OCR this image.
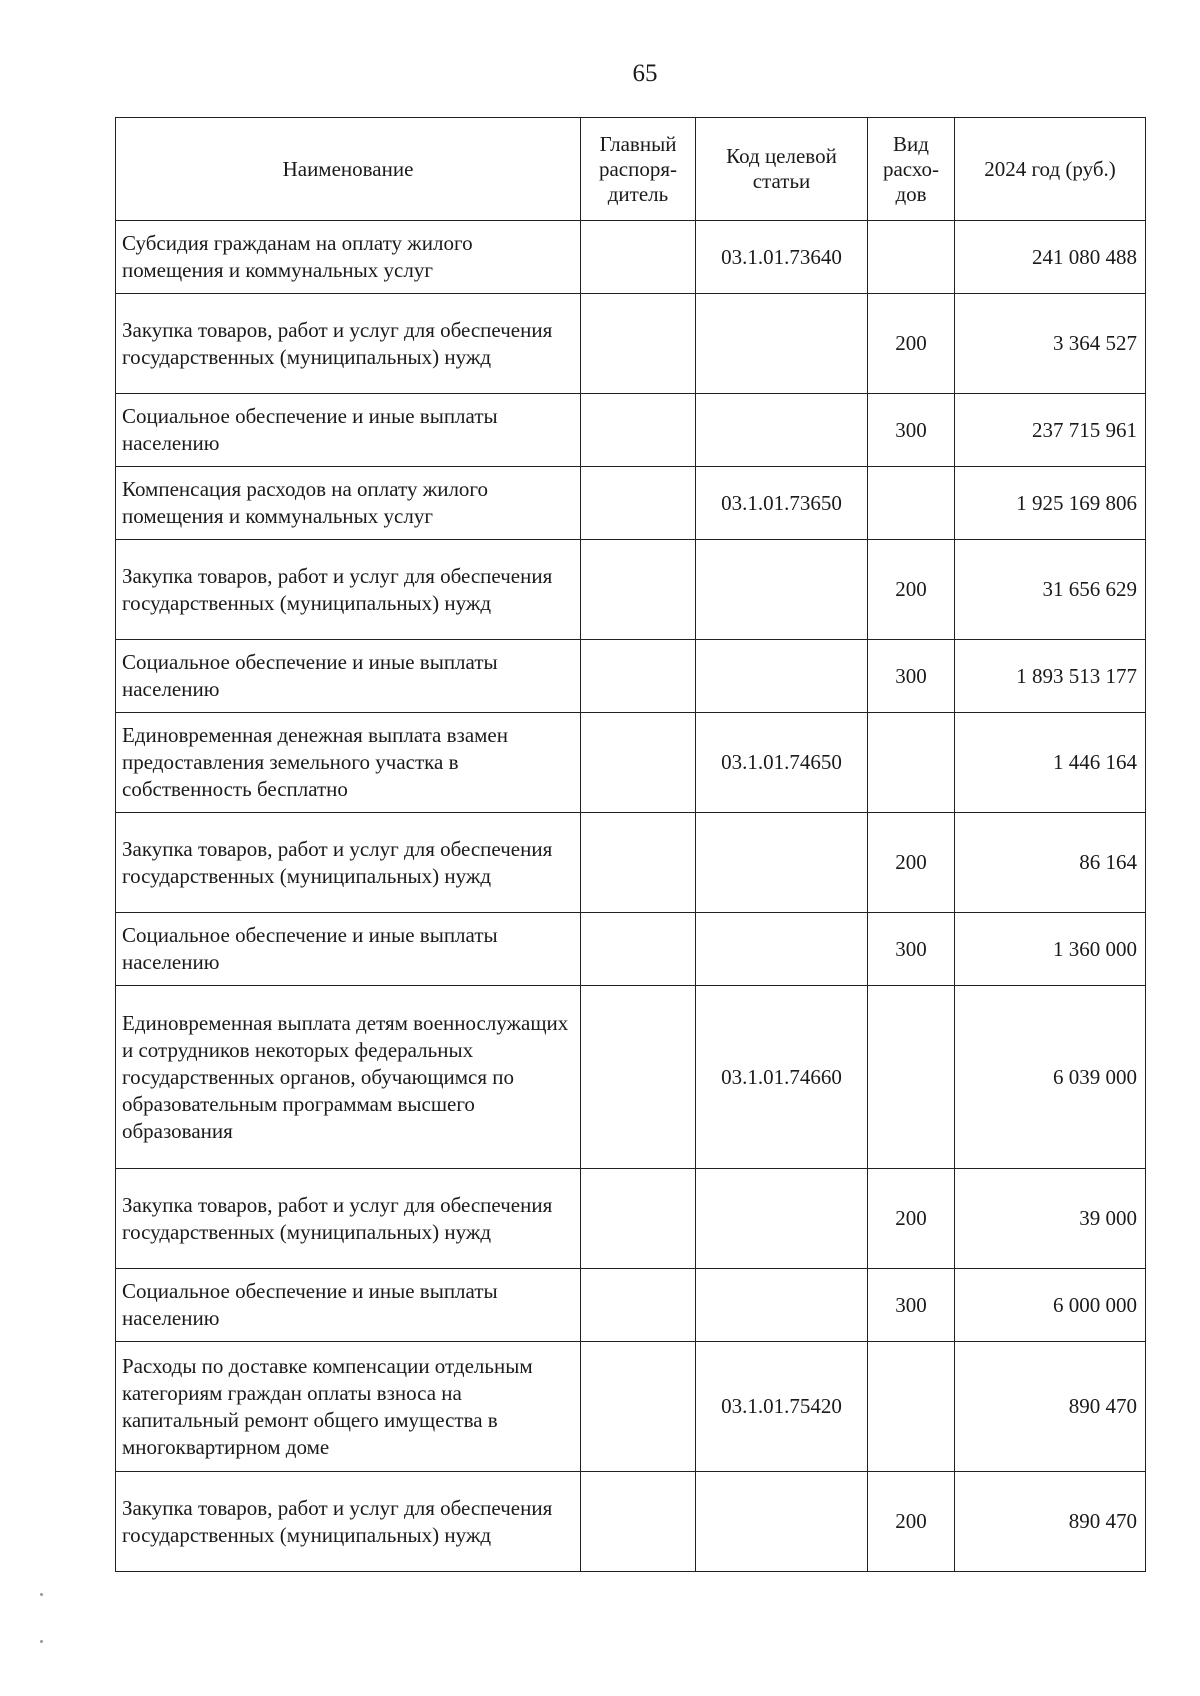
65
Наименование	Главный распоря-дитель	Код целевой статьи	Вид расхо-дов	2024 год (руб.)
Субсидия гражданам на оплату жилого помещения и коммунальных услуг		03.1.01.73640		241 080 488
Закупка товаров, работ и услуг для обеспечения государственных (муниципальных) нужд			200	3 364 527
Социальное обеспечение и иные выплаты населению			300	237 715 961
Компенсация расходов на оплату жилого помещения и коммунальных услуг		03.1.01.73650		1 925 169 806
Закупка товаров, работ и услуг для обеспечения государственных (муниципальных) нужд			200	31 656 629
Социальное обеспечение и иные выплаты населению			300	1 893 513 177
Единовременная денежная выплата взамен предоставления земельного участка в собственность бесплатно		03.1.01.74650		1 446 164
Закупка товаров, работ и услуг для обеспечения государственных (муниципальных) нужд			200	86 164
Социальное обеспечение и иные выплаты населению			300	1 360 000
Единовременная выплата детям военнослужащих и сотрудников некоторых федеральных государственных органов, обучающимся по образовательным программам высшего образования		03.1.01.74660		6 039 000
Закупка товаров, работ и услуг для обеспечения государственных (муниципальных) нужд			200	39 000
Социальное обеспечение и иные выплаты населению			300	6 000 000
Расходы по доставке компенсации отдельным категориям граждан оплаты взноса на капитальный ремонт общего имущества в многоквартирном доме		03.1.01.75420		890 470
Закупка товаров, работ и услуг для обеспечения государственных (муниципальных) нужд			200	890 470
